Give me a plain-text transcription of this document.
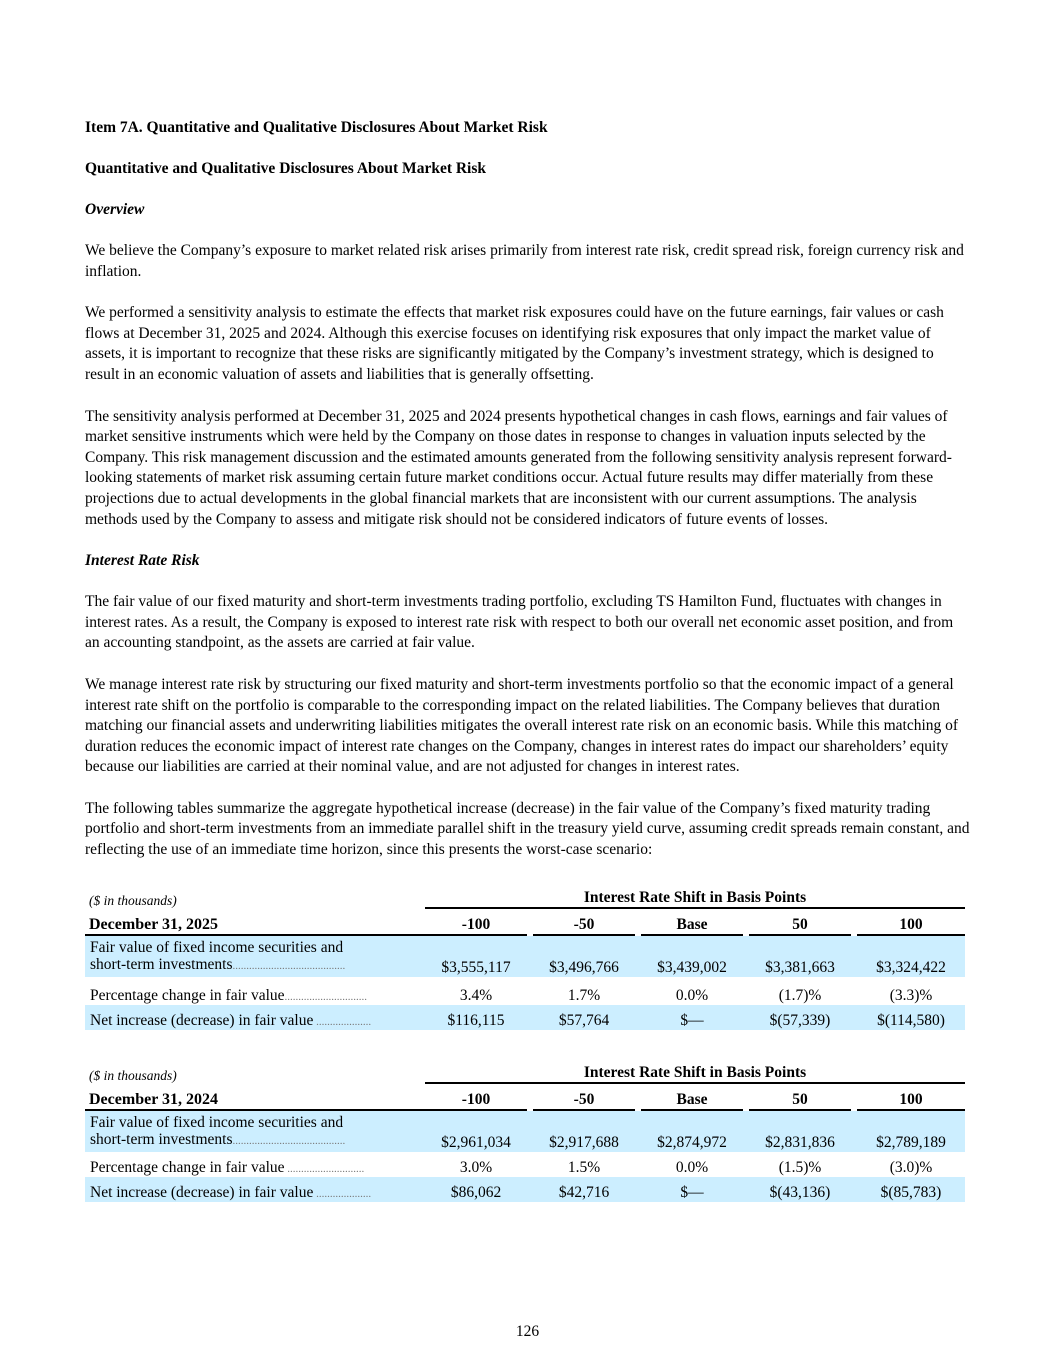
Item 7A. Quantitative and Qualitative Disclosures About Market Risk

Quantitative and Qualitative Disclosures About Market Risk

Overview

We believe the Company’s exposure to market related risk arises primarily from interest rate risk, credit spread risk, foreign currency risk and inflation.

We performed a sensitivity analysis to estimate the effects that market risk exposures could have on the future earnings, fair values or cash flows at December 31, 2025 and 2024. Although this exercise focuses on identifying risk exposures that only impact the market value of assets, it is important to recognize that these risks are significantly mitigated by the Company’s investment strategy, which is designed to result in an economic valuation of assets and liabilities that is generally offsetting.

The sensitivity analysis performed at December 31, 2025 and 2024 presents hypothetical changes in cash flows, earnings and fair values of market sensitive instruments which were held by the Company on those dates in response to changes in valuation inputs selected by the Company. This risk management discussion and the estimated amounts generated from the following sensitivity analysis represent forward-looking statements of market risk assuming certain future market conditions occur. Actual future results may differ materially from these projections due to actual developments in the global financial markets that are inconsistent with our current assumptions. The analysis methods used by the Company to assess and mitigate risk should not be considered indicators of future events of losses.

Interest Rate Risk

The fair value of our fixed maturity and short-term investments trading portfolio, excluding TS Hamilton Fund, fluctuates with changes in interest rates. As a result, the Company is exposed to interest rate risk with respect to both our overall net economic asset position, and from an accounting standpoint, as the assets are carried at fair value.

We manage interest rate risk by structuring our fixed maturity and short-term investments portfolio so that the economic impact of a general interest rate shift on the portfolio is comparable to the corresponding impact on the related liabilities. The Company believes that duration matching our financial assets and underwriting liabilities mitigates the overall interest rate risk on an economic basis. While this matching of duration reduces the economic impact of interest rate changes on the Company, changes in interest rates do impact our shareholders’ equity because our liabilities are carried at their nominal value, and are not adjusted for changes in interest rates.

The following tables summarize the aggregate hypothetical increase (decrease) in the fair value of the Company’s fixed maturity trading portfolio and short-term investments from an immediate parallel shift in the treasury yield curve, assuming credit spreads remain constant, and reflecting the use of an immediate time horizon, since this presents the worst-case scenario:

($ in thousands)	Interest Rate Shift in Basis Points								
December 31, 2025	-100		-50		Base		50		100
Fair value of fixed income securities and
short-term investments.........................................	$3,555,117		$3,496,766		$3,439,002		$3,381,663		$3,324,422
Percentage change in fair value..............................	3.4%		1.7%		0.0%		(1.7)%		(3.3)%
Net increase (decrease) in fair value ....................	$116,115		$57,764		$—		$(57,339)		$(114,580)
($ in thousands)	Interest Rate Shift in Basis Points								
December 31, 2024	-100		-50		Base		50		100
Fair value of fixed income securities and
short-term investments.........................................	$2,961,034		$2,917,688		$2,874,972		$2,831,836		$2,789,189
Percentage change in fair value ............................	3.0%		1.5%		0.0%		(1.5)%		(3.0)%
Net increase (decrease) in fair value ....................	$86,062		$42,716		$—		$(43,136)		$(85,783)
126
